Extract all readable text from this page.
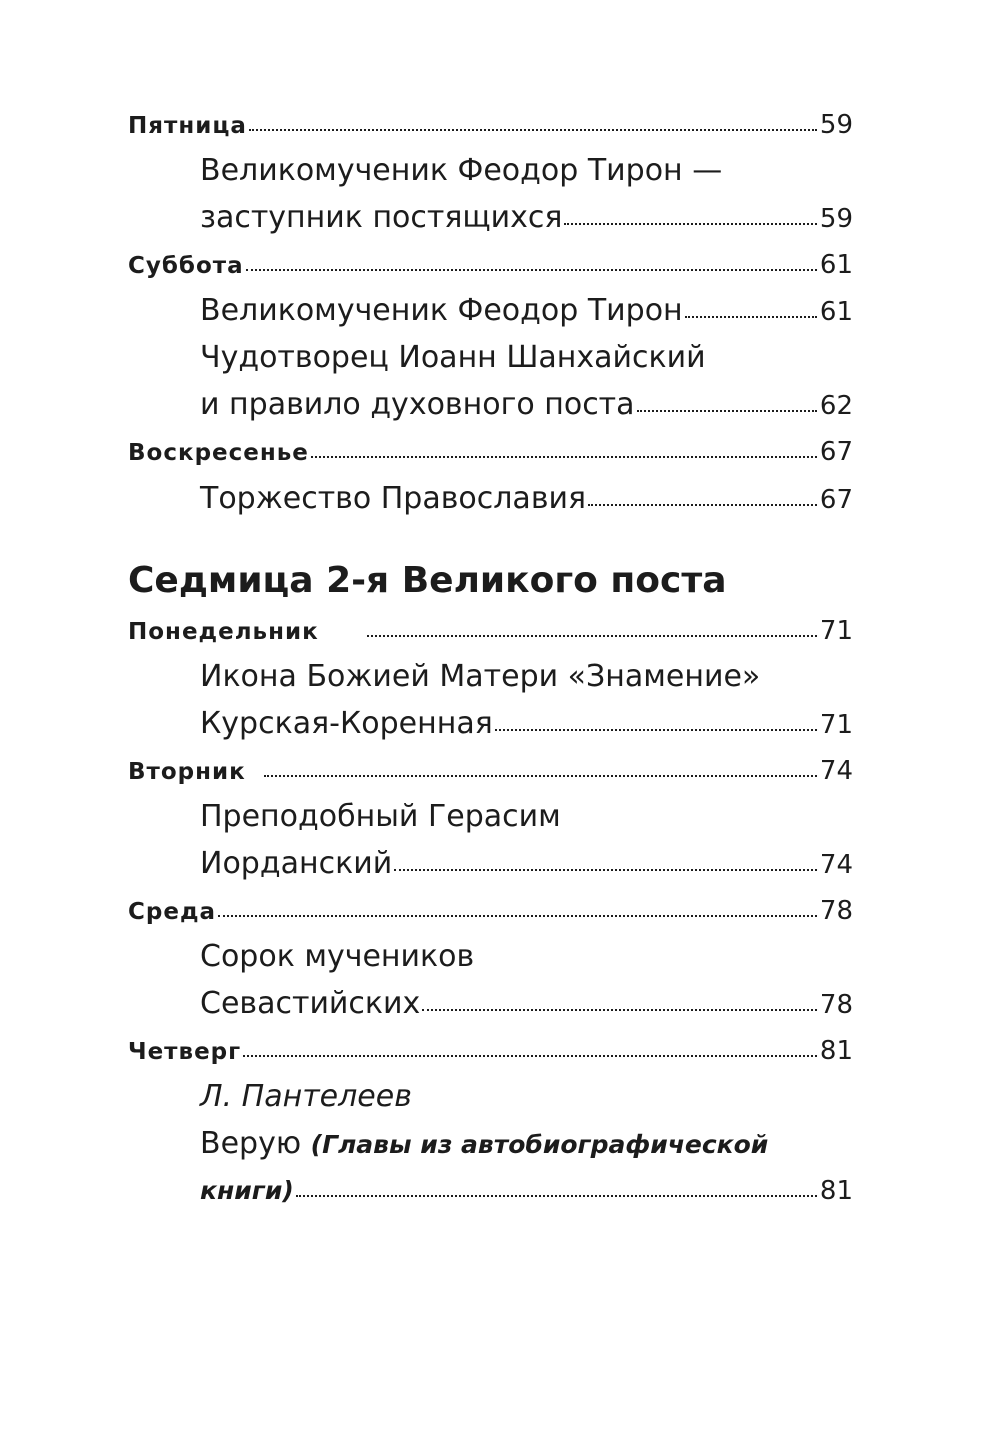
Пятница	59
Великомученик Феодор Тирон —
заступник постящихся	59
Суббота	61
Великомученик Феодор Тирон	61
Чудотворец Иоанн Шанхайский
и правило духовного поста	62
Воскресенье	67
Торжество Православия	67
Седмица 2-я Великого поста
Понедельник	71
Икона Божией Матери «Знамение»
Курская-Коренная	71
Вторник	74
Преподобный Герасим
Иорданский	74
Среда	78
Сорок мучеников
Севастийских	78
Четверг	81
Л. Пантелеев
Верую (Главы из автобиографической
книги)	81
